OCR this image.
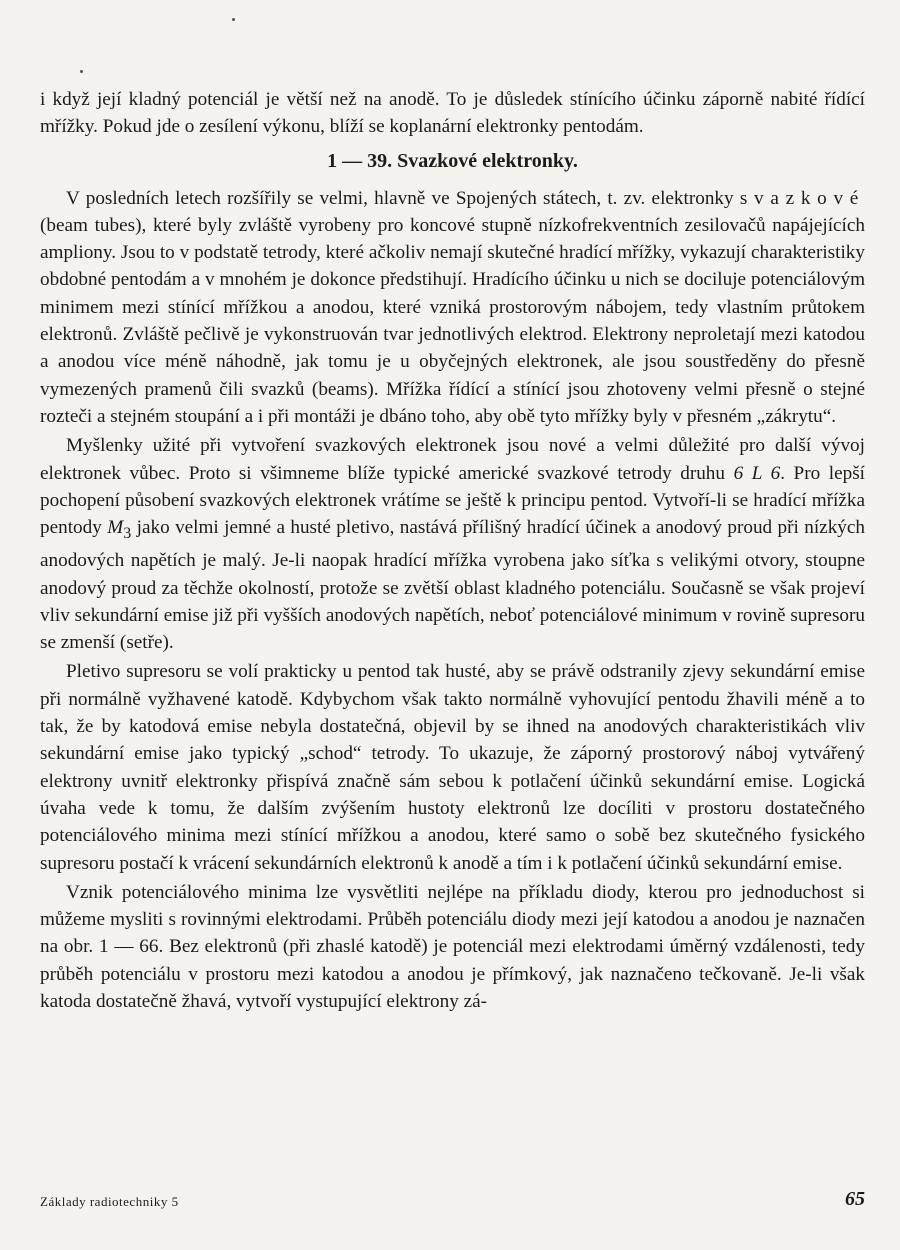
i když její kladný potenciál je větší než na anodě. To je důsledek stínícího účinku záporně nabité řídící mřížky. Pokud jde o zesílení výkonu, blíží se koplanární elektronky pentodám.

1 — 39. Svazkové elektronky.

V posledních letech rozšířily se velmi, hlavně ve Spojených státech, t. zv. elektronky svazkové (beam tubes), které byly zvláště vyrobeny pro koncové stupně nízkofrekventních zesilovačů napájejících ampliony. Jsou to v podstatě tetrody, které ačkoliv nemají skutečné hradící mřížky, vykazují charakteristiky obdobné pentodám a v mnohém je dokonce předstihují. Hradícího účinku u nich se dociluje potenciálovým minimem mezi stínící mřížkou a anodou, které vzniká prostorovým nábojem, tedy vlastním průtokem elektronů. Zvláště pečlivě je vykonstruován tvar jednotlivých elektrod. Elektrony neproletají mezi katodou a anodou více méně náhodně, jak tomu je u obyčejných elektronek, ale jsou soustředěny do přesně vymezených pramenů čili svazků (beams). Mřížka řídící a stínící jsou zhotoveny velmi přesně o stejné rozteči a stejném stoupání a i při montáži je dbáno toho, aby obě tyto mřížky byly v přesném „zákrytu“.

Myšlenky užité při vytvoření svazkových elektronek jsou nové a velmi důležité pro další vývoj elektronek vůbec. Proto si všimneme blíže typické americké svazkové tetrody druhu 6 L 6. Pro lepší pochopení působení svazkových elektronek vrátíme se ještě k principu pentod. Vytvoří-li se hradící mřížka pentody $M_3$ jako velmi jemné a husté pletivo, nastává přílišný hradící účinek a anodový proud při nízkých anodových napětích je malý. Je-li naopak hradící mřížka vyrobena jako síťka s velikými otvory, stoupne anodový proud za těchže okolností, protože se zvětší oblast kladného potenciálu. Současně se však projeví vliv sekundární emise již při vyšších anodových napětích, neboť potenciálové minimum v rovině supresoru se zmenší (setře).

Pletivo supresoru se volí prakticky u pentod tak husté, aby se právě odstranily zjevy sekundární emise při normálně vyžhavené katodě. Kdybychom však takto normálně vyhovující pentodu žhavili méně a to tak, že by katodová emise nebyla dostatečná, objevil by se ihned na anodových charakteristikách vliv sekundární emise jako typický „schod“ tetrody. To ukazuje, že záporný prostorový náboj vytvářený elektrony uvnitř elektronky přispívá značně sám sebou k potlačení účinků sekundární emise. Logická úvaha vede k tomu, že dalším zvýšením hustoty elektronů lze docíliti v prostoru dostatečného potenciálového minima mezi stínící mřížkou a anodou, které samo o sobě bez skutečného fysického supresoru postačí k vrácení sekundárních elektronů k anodě a tím i k potlačení účinků sekundární emise.

Vznik potenciálového minima lze vysvětliti nejlépe na příkladu diody, kterou pro jednoduchost si můžeme mysliti s rovinnými elektrodami. Průběh potenciálu diody mezi její katodou a anodou je naznačen na obr. 1 — 66. Bez elektronů (při zhaslé katodě) je potenciál mezi elektrodami úměrný vzdálenosti, tedy průběh potenciálu v prostoru mezi katodou a anodou je přímkový, jak naznačeno tečkovaně. Je-li však katoda dostatečně žhavá, vytvoří vystupující elektrony zá-

Základy radiotechniky 5	65
